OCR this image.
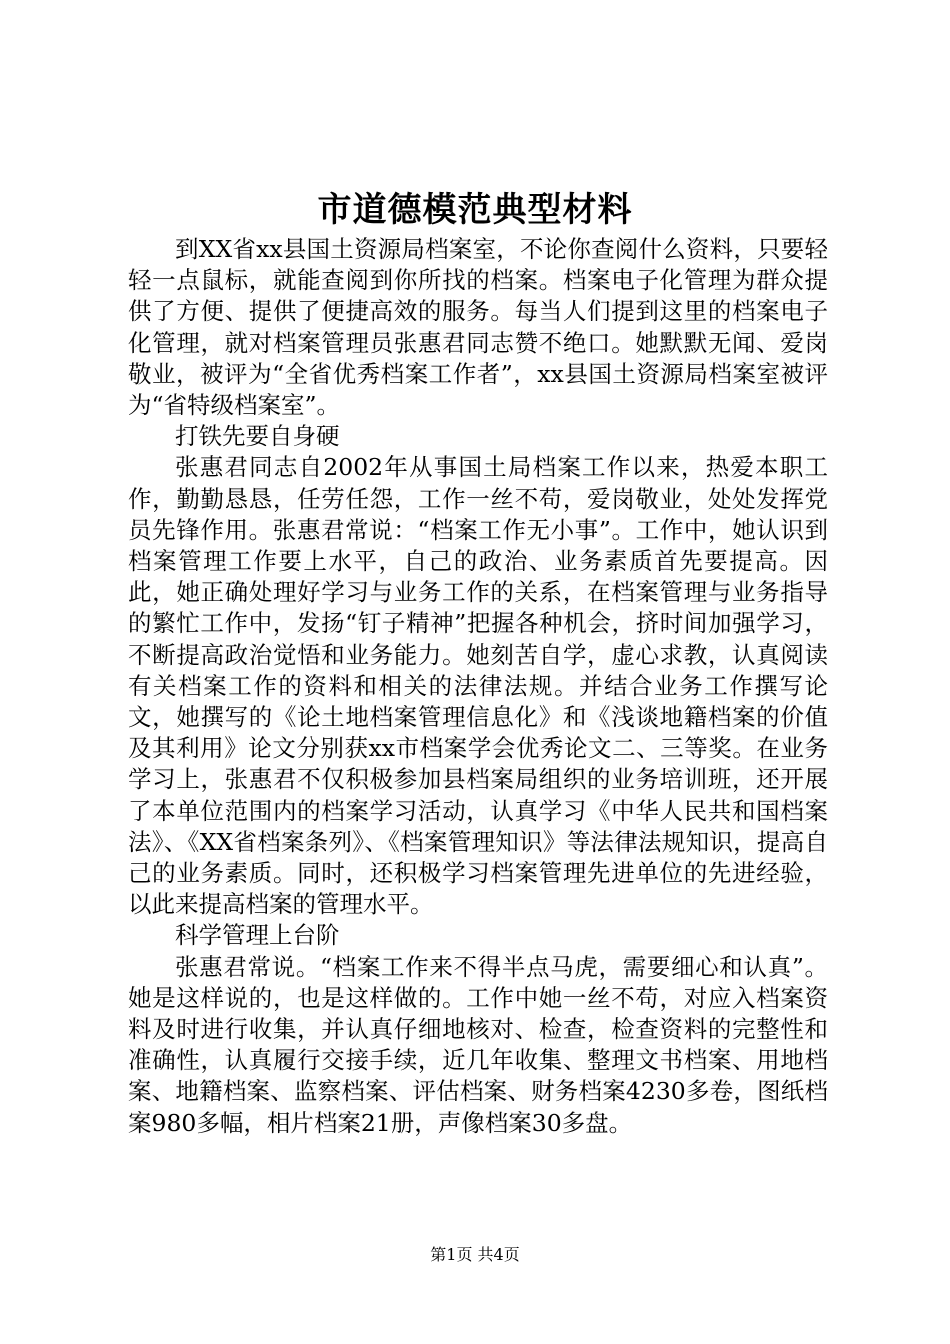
市道德模范典型材料

到XX省xx县国土资源局档案室，不论你查阅什么资料，只要轻轻一点鼠标，就能查阅到你所找的档案。档案电子化管理为群众提供了方便、提供了便捷高效的服务。每当人们提到这里的档案电子化管理，就对档案管理员张惠君同志赞不绝口。她默默无闻、爱岗敬业，被评为“全省优秀档案工作者”，xx县国土资源局档案室被评为“省特级档案室”。

打铁先要自身硬

张惠君同志自2002年从事国土局档案工作以来，热爱本职工作，勤勤恳恳，任劳任怨，工作一丝不苟，爱岗敬业，处处发挥党员先锋作用。张惠君常说：“档案工作无小事”。工作中，她认识到档案管理工作要上水平，自己的政治、业务素质首先要提高。因此，她正确处理好学习与业务工作的关系，在档案管理与业务指导的繁忙工作中，发扬“钉子精神”把握各种机会，挤时间加强学习，不断提高政治觉悟和业务能力。她刻苦自学，虚心求教，认真阅读有关档案工作的资料和相关的法律法规。并结合业务工作撰写论文，她撰写的《论土地档案管理信息化》和《浅谈地籍档案的价值及其利用》论文分别获xx市档案学会优秀论文二、三等奖。在业务学习上，张惠君不仅积极参加县档案局组织的业务培训班，还开展了本单位范围内的档案学习活动，认真学习《中华人民共和国档案法》、《XX省档案条列》、《档案管理知识》等法律法规知识，提高自己的业务素质。同时，还积极学习档案管理先进单位的先进经验，以此来提高档案的管理水平。

科学管理上台阶

张惠君常说。“档案工作来不得半点马虎，需要细心和认真”。她是这样说的，也是这样做的。工作中她一丝不苟，对应入档案资料及时进行收集，并认真仔细地核对、检查，检查资料的完整性和准确性，认真履行交接手续，近几年收集、整理文书档案、用地档案、地籍档案、监察档案、评估档案、财务档案4230多卷，图纸档案980多幅，相片档案21册，声像档案30多盘。

第1页 共4页
